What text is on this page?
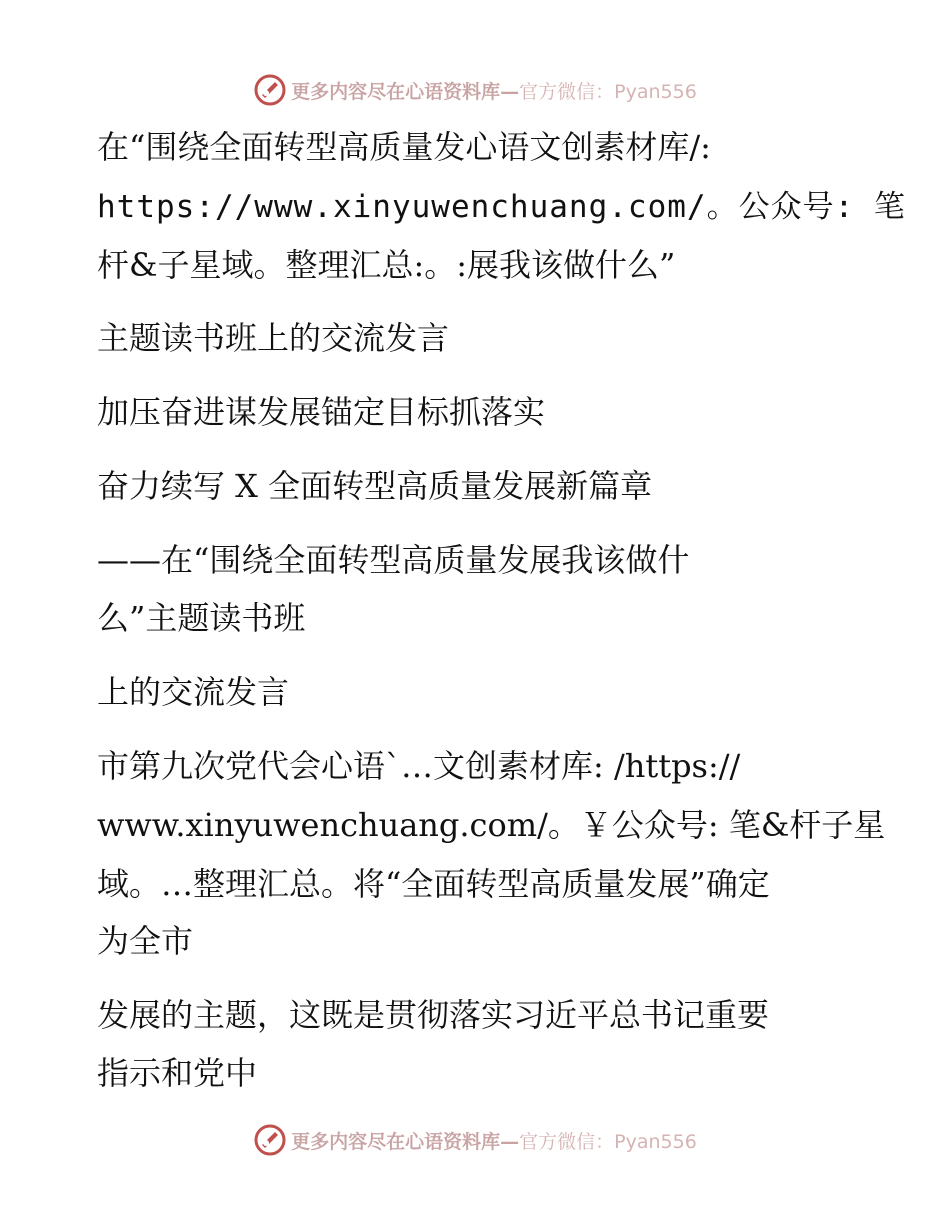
更多内容尽在心语资料库—官方微信：Pyan556
在“围绕全面转型高质量发心语文创素材库/:
https://www.xinyuwenchuang.com/。公众号: 笔
杆&子星域。整理汇总:。:展我该做什么”
主题读书班上的交流发言
加压奋进谋发展锚定目标抓落实
奋力续写 X 全面转型高质量发展新篇章
——在“围绕全面转型高质量发展我该做什
么”主题读书班
上的交流发言
市第九次党代会心语`…文创素材库: /https://
www.xinyuwenchuang.com/。￥公众号: 笔&杆子星
域。…整理汇总。将“全面转型高质量发展”确定
为全市
发展的主题，这既是贯彻落实习近平总书记重要
指示和党中
更多内容尽在心语资料库—官方微信：Pyan556
